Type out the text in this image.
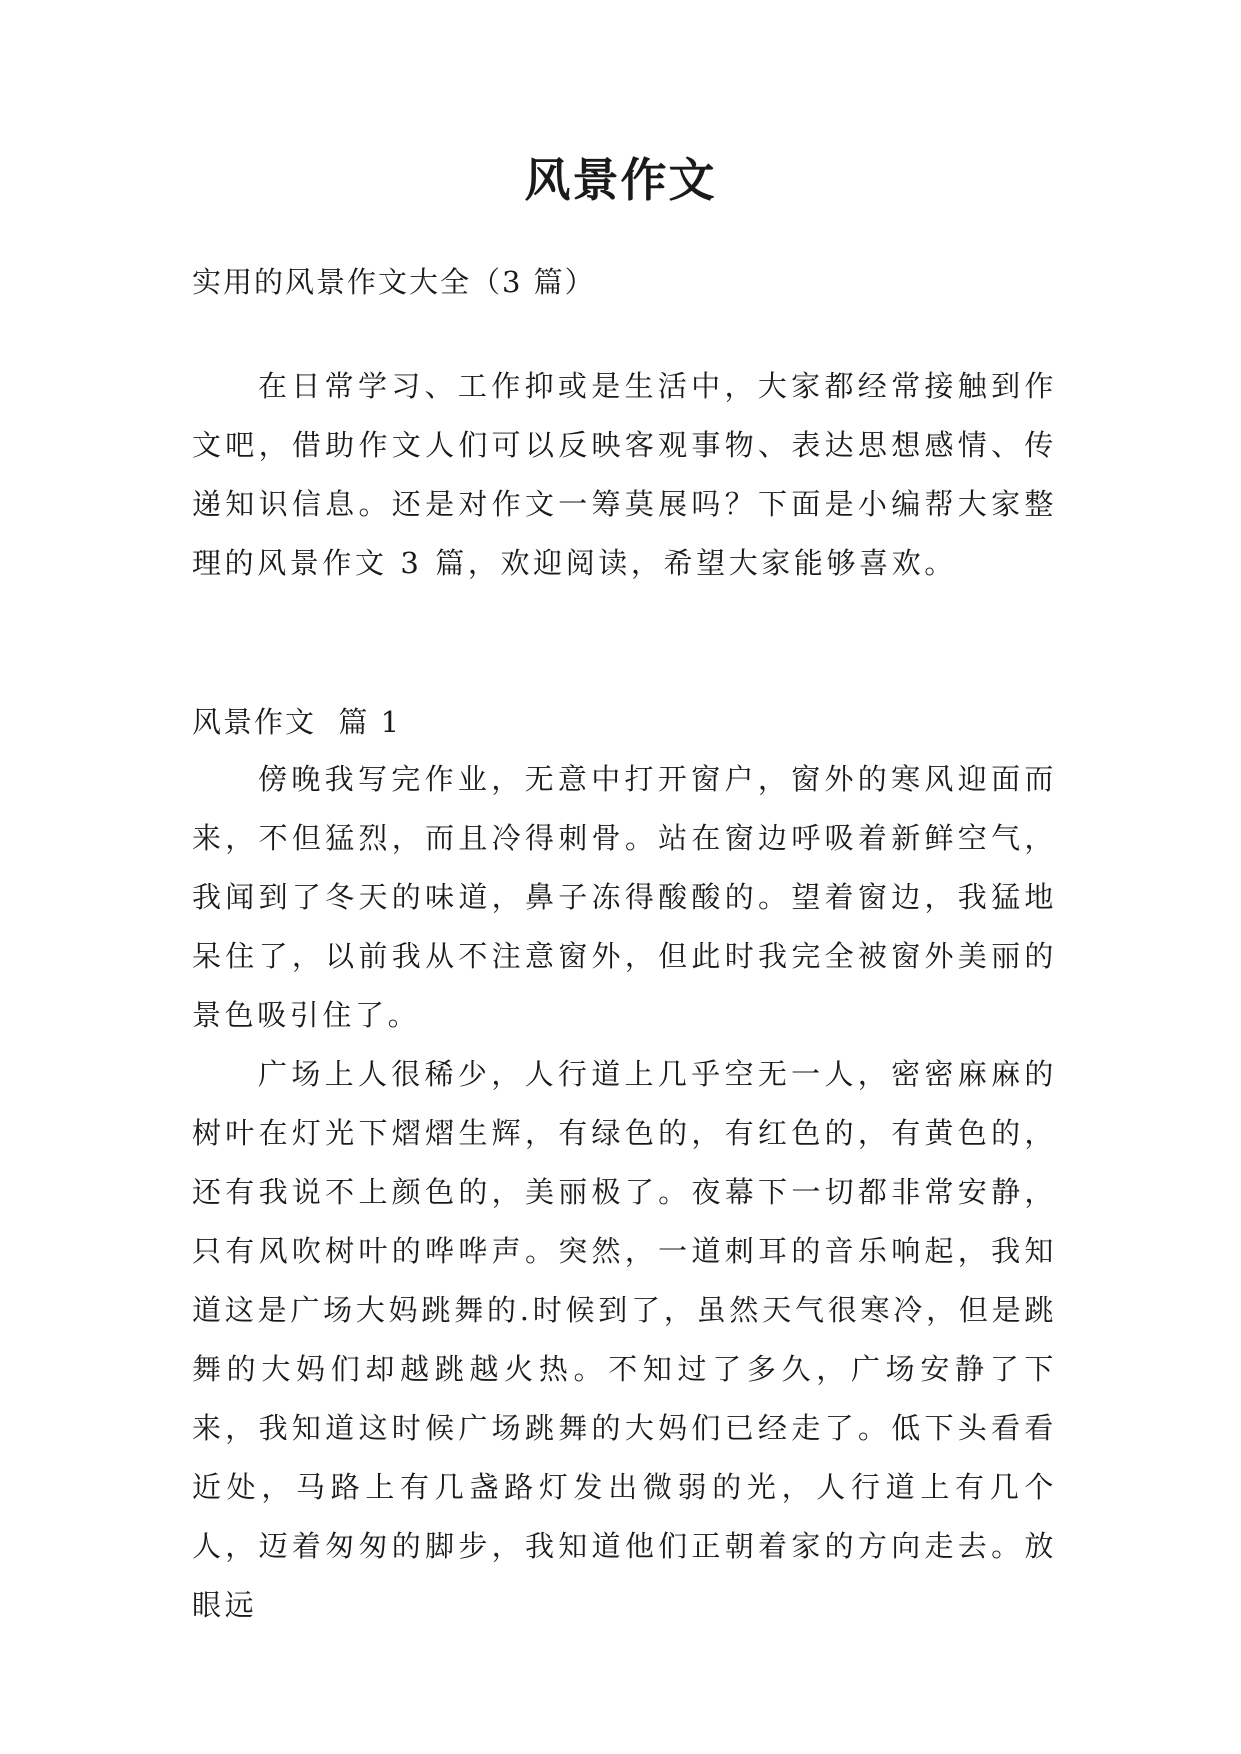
风景作文
实用的风景作文大全（3 篇）

在日常学习、工作抑或是生活中，大家都经常接触到作文吧，借助作文人们可以反映客观事物、表达思想感情、传递知识信息。还是对作文一筹莫展吗？下面是小编帮大家整理的风景作文 3 篇，欢迎阅读，希望大家能够喜欢。

风景作文  篇 1

傍晚我写完作业，无意中打开窗户，窗外的寒风迎面而来，不但猛烈，而且冷得刺骨。站在窗边呼吸着新鲜空气，我闻到了冬天的味道，鼻子冻得酸酸的。望着窗边，我猛地呆住了，以前我从不注意窗外，但此时我完全被窗外美丽的景色吸引住了。

广场上人很稀少，人行道上几乎空无一人，密密麻麻的树叶在灯光下熠熠生辉，有绿色的，有红色的，有黄色的，还有我说不上颜色的，美丽极了。夜幕下一切都非常安静，只有风吹树叶的哗哗声。突然，一道刺耳的音乐响起，我知道这是广场大妈跳舞的.时候到了，虽然天气很寒冷，但是跳舞的大妈们却越跳越火热。不知过了多久，广场安静了下来，我知道这时候广场跳舞的大妈们已经走了。低下头看看近处，马路上有几盏路灯发出微弱的光，人行道上有几个人，迈着匆匆的脚步，我知道他们正朝着家的方向走去。放眼远
